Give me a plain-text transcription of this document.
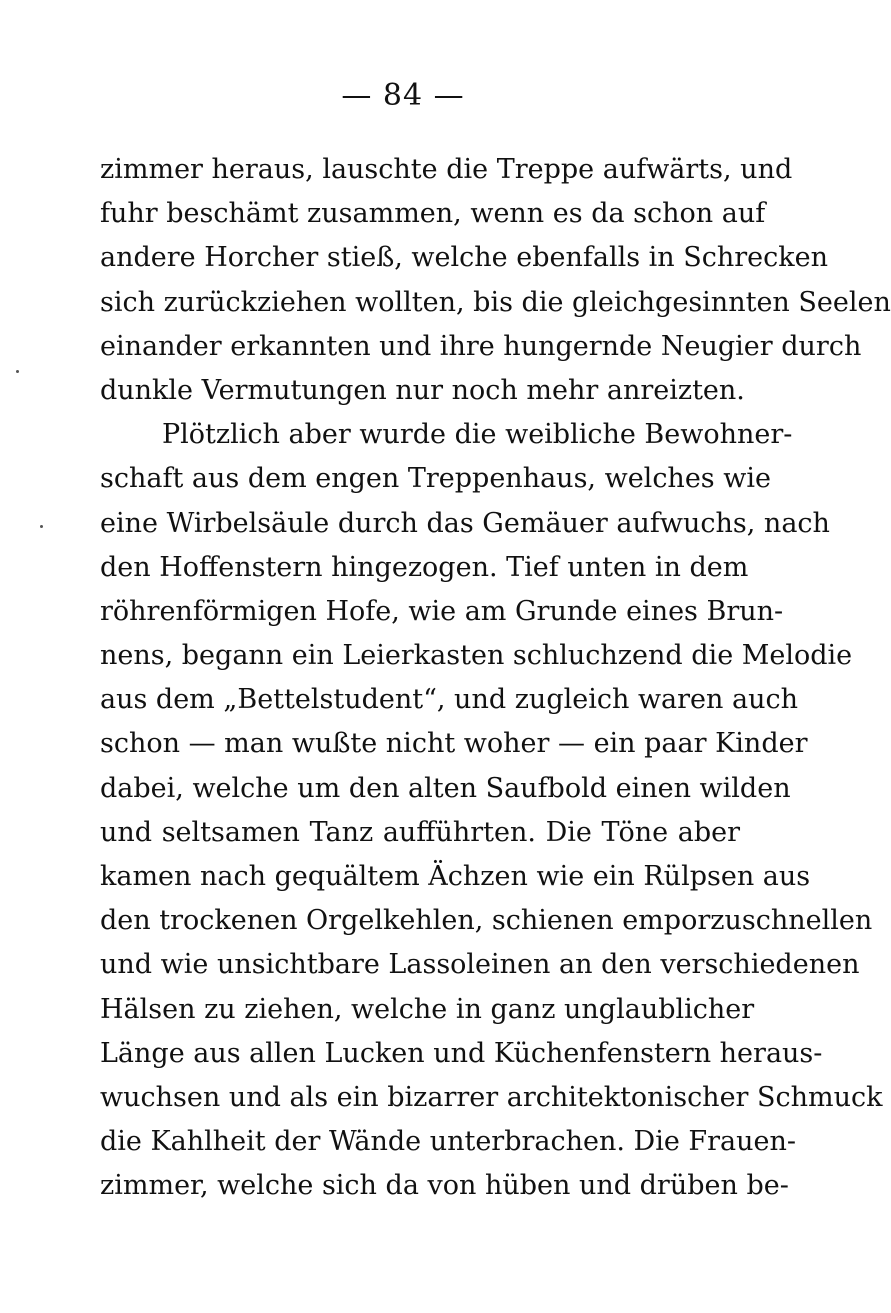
— 84 —
zimmer heraus, lauschte die Treppe aufwärts, und
fuhr beschämt zusammen, wenn es da schon auf
andere Horcher stieß, welche ebenfalls in Schrecken
sich zurückziehen wollten, bis die gleichgesinnten Seelen
einander erkannten und ihre hungernde Neugier durch
dunkle Vermutungen nur noch mehr anreizten.
Plötzlich aber wurde die weibliche Bewohner-
schaft aus dem engen Treppenhaus, welches wie
eine Wirbelsäule durch das Gemäuer aufwuchs, nach
den Hoffenstern hingezogen. Tief unten in dem
röhrenförmigen Hofe, wie am Grunde eines Brun-
nens, begann ein Leierkasten schluchzend die Melodie
aus dem „Bettelstudent“, und zugleich waren auch
schon — man wußte nicht woher — ein paar Kinder
dabei, welche um den alten Saufbold einen wilden
und seltsamen Tanz aufführten. Die Töne aber
kamen nach gequältem Ächzen wie ein Rülpsen aus
den trockenen Orgelkehlen, schienen emporzuschnellen
und wie unsichtbare Lassoleinen an den verschiedenen
Hälsen zu ziehen, welche in ganz unglaublicher
Länge aus allen Lucken und Küchenfenstern heraus-
wuchsen und als ein bizarrer architektonischer Schmuck
die Kahlheit der Wände unterbrachen. Die Frauen-
zimmer, welche sich da von hüben und drüben be-
